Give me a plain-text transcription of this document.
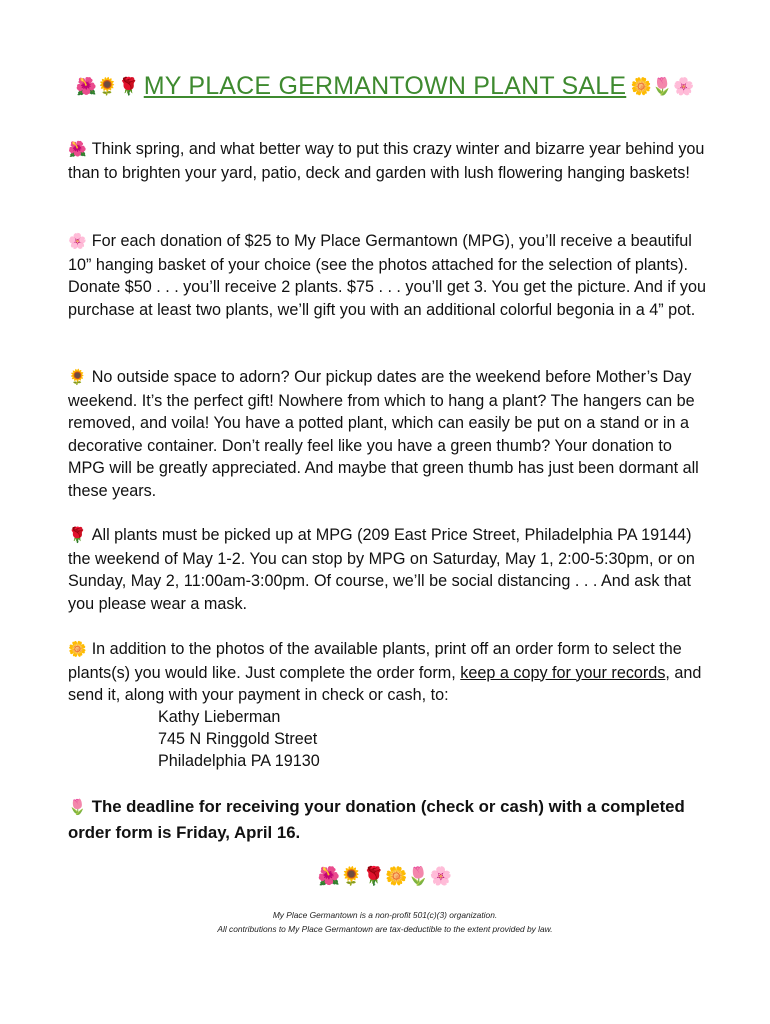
🌺🌻🌹 MY PLACE GERMANTOWN PLANT SALE 🌼🌷🌸
🌺 Think spring, and what better way to put this crazy winter and bizarre year behind you than to brighten your yard, patio, deck and garden with lush flowering hanging baskets!
🌸 For each donation of $25 to My Place Germantown (MPG), you’ll receive a beautiful 10” hanging basket of your choice (see the photos attached for the selection of plants). Donate $50 . . . you’ll receive 2 plants. $75 . . . you’ll get 3. You get the picture. And if you purchase at least two plants, we’ll gift you with an additional colorful begonia in a 4” pot.
🌻 No outside space to adorn? Our pickup dates are the weekend before Mother’s Day weekend. It’s the perfect gift! Nowhere from which to hang a plant? The hangers can be removed, and voila! You have a potted plant, which can easily be put on a stand or in a decorative container. Don’t really feel like you have a green thumb? Your donation to MPG will be greatly appreciated. And maybe that green thumb has just been dormant all these years.
🌹 All plants must be picked up at MPG (209 East Price Street, Philadelphia PA 19144) the weekend of May 1-2. You can stop by MPG on Saturday, May 1, 2:00-5:30pm, or on Sunday, May 2, 11:00am-3:00pm. Of course, we’ll be social distancing . . . And ask that you please wear a mask.
🌼 In addition to the photos of the available plants, print off an order form to select the plants(s) you would like. Just complete the order form, keep a copy for your records, and send it, along with your payment in check or cash, to:
Kathy Lieberman
745 N Ringgold Street
Philadelphia PA 19130
🌷 The deadline for receiving your donation (check or cash) with a completed order form is Friday, April 16.
🌺🌻🌹🌼🌷🌸
My Place Germantown is a non-profit 501(c)(3) organization.
All contributions to My Place Germantown are tax-deductible to the extent provided by law.
